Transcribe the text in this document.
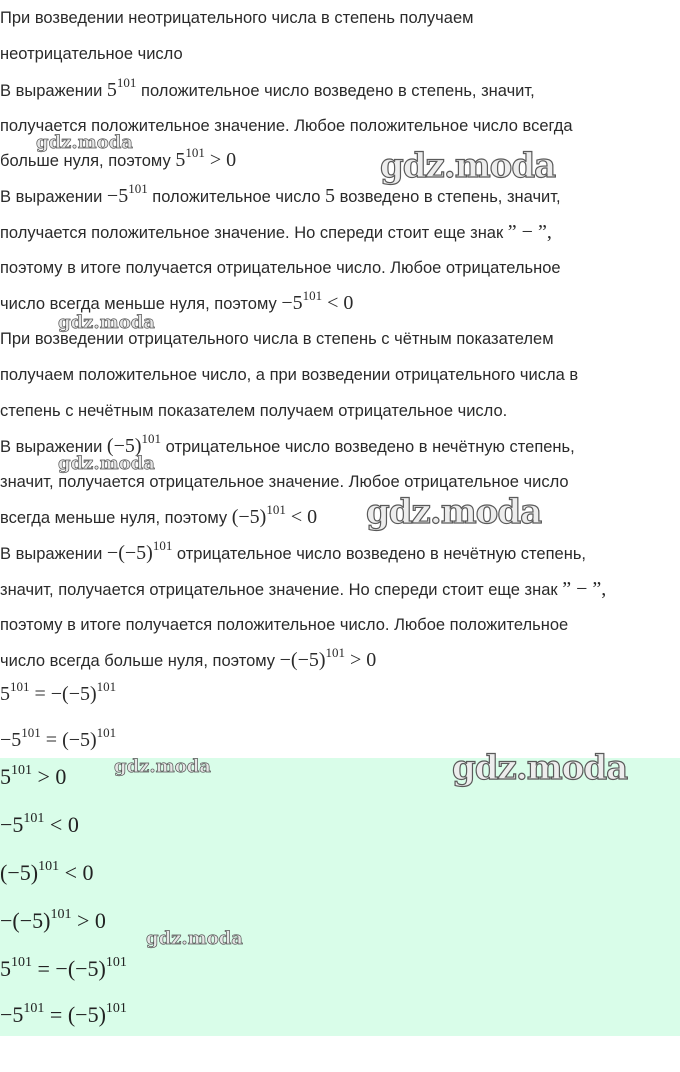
При возведении неотрицательного числа в степень получаем
неотрицательное число
В выражении $5^{101}$ положительное число возведено в степень, значит,
получается положительное значение. Любое положительное число всегда
больше нуля, поэтому $5^{101} > 0$
В выражении $-5^{101}$ положительное число 5 возведено в степень, значит,
получается положительное значение. Но спереди стоит еще знак ” − ”,
поэтому в итоге получается отрицательное число. Любое отрицательное
число всегда меньше нуля, поэтому $-5^{101} < 0$
При возведении отрицательного числа в степень с чётным показателем
получаем положительное число, а при возведении отрицательного числа в
степень с нечётным показателем получаем отрицательное число.
В выражении $(-5)^{101}$ отрицательное число возведено в нечётную степень,
значит, получается отрицательное значение. Любое отрицательное число
всегда меньше нуля, поэтому $(-5)^{101} < 0$
В выражении $-(-5)^{101}$ отрицательное число возведено в нечётную степень,
значит, получается отрицательное значение. Но спереди стоит еще знак ” − ”,
поэтому в итоге получается положительное число. Любое положительное
число всегда больше нуля, поэтому $-(-5)^{101} > 0$
$5^{101} = -(-5)^{101}$
$-5^{101} = (-5)^{101}$
$5^{101} > 0$
$-5^{101} < 0$
$(-5)^{101} < 0$
$-(-5)^{101} > 0$
$5^{101} = -(-5)^{101}$
$-5^{101} = (-5)^{101}$
gdz.moda
gdz.moda
gdz.moda
gdz.moda
gdz.moda
gdz.moda	gdz.moda
gdz.moda
